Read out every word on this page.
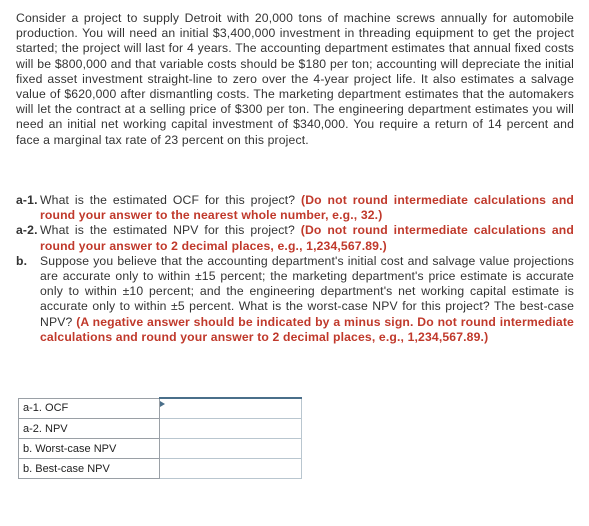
Consider a project to supply Detroit with 20,000 tons of machine screws annually for automobile production. You will need an initial $3,400,000 investment in threading equipment to get the project started; the project will last for 4 years. The accounting department estimates that annual fixed costs will be $800,000 and that variable costs should be $180 per ton; accounting will depreciate the initial fixed asset investment straight-line to zero over the 4-year project life. It also estimates a salvage value of $620,000 after dismantling costs. The marketing department estimates that the automakers will let the contract at a selling price of $300 per ton. The engineering department estimates you will need an initial net working capital investment of $340,000. You require a return of 14 percent and face a marginal tax rate of 23 percent on this project.
a-1. What is the estimated OCF for this project? (Do not round intermediate calculations and round your answer to the nearest whole number, e.g., 32.)
a-2. What is the estimated NPV for this project? (Do not round intermediate calculations and round your answer to 2 decimal places, e.g., 1,234,567.89.)
b.	Suppose you believe that the accounting department's initial cost and salvage value projections are accurate only to within ±15 percent; the marketing department's price estimate is accurate only to within ±10 percent; and the engineering department's net working capital estimate is accurate only to within ±5 percent. What is the worst-case NPV for this project? The best-case NPV? (A negative answer should be indicated by a minus sign. Do not round intermediate calculations and round your answer to 2 decimal places, e.g., 1,234,567.89.)
a-1. OCF	

a-2. NPV	
b. Worst-case NPV	
b. Best-case NPV	
